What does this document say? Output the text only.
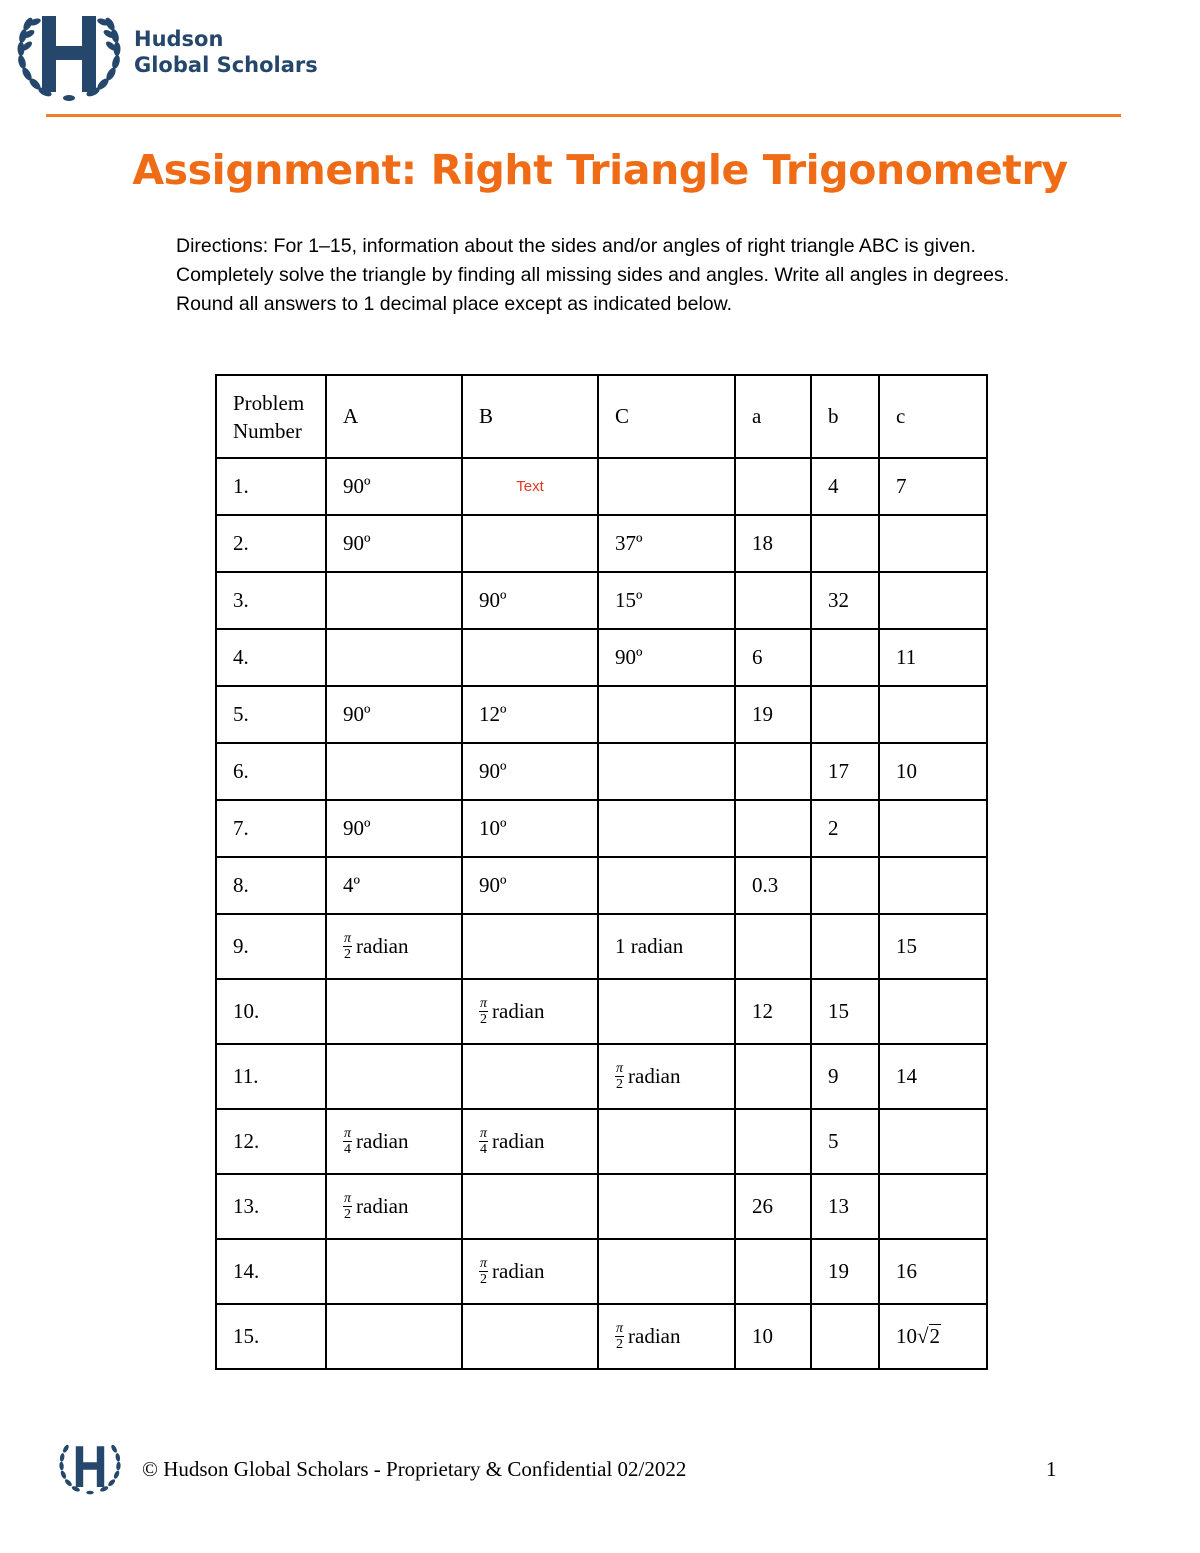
Hudson
Global Scholars
Assignment: Right Triangle Trigonometry
Directions: For 1–15, information about the sides and/or angles of right triangle ABC is given. Completely solve the triangle by finding all missing sides and angles. Write all angles in degrees. Round all answers to 1 decimal place except as indicated below.
Problem Number	A	B	C	a	b	c
1.	90º	Text			4	7
2.	90º		37º	18		
3.		90º	15º		32	
4.			90º	6		11
5.	90º	12º		19		
6.		90º			17	10
7.	90º	10º			2	
8.	4º	90º		0.3		
9.	$\frac{\pi}{2}$ radian		1 radian			15
10.		$\frac{\pi}{2}$ radian		12	15	
11.			$\frac{\pi}{2}$ radian		9	14
12.	$\frac{\pi}{4}$ radian	$\frac{\pi}{4}$ radian			5	
13.	$\frac{\pi}{2}$ radian			26	13	
14.		$\frac{\pi}{2}$ radian			19	16
15.			$\frac{\pi}{2}$ radian	10		10√2
© Hudson Global Scholars - Proprietary & Confidential 02/2022	1
